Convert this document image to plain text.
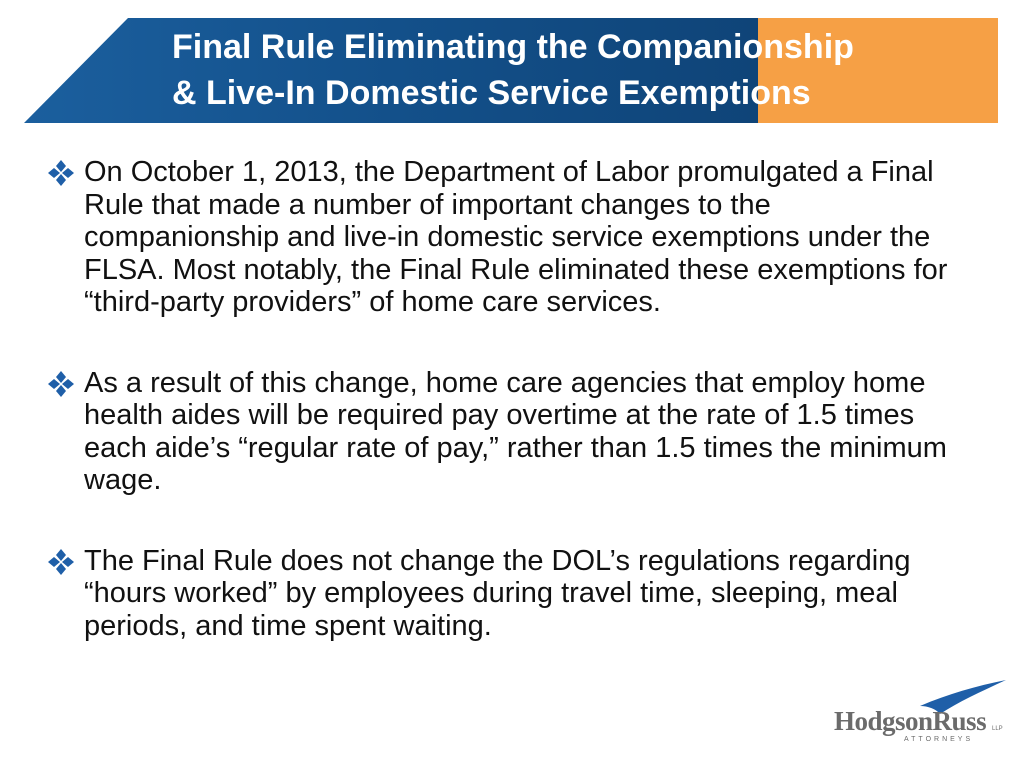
Final Rule Eliminating the Companionship
& Live-In Domestic Service Exemptions

On October 1, 2013, the Department of Labor promulgated a Final Rule that made a number of important changes to the companionship and live-in domestic service exemptions under the FLSA. Most notably, the Final Rule eliminated these exemptions for “third-party providers” of home care services.

As a result of this change, home care agencies that employ home health aides will be required pay overtime at the rate of 1.5 times each aide’s “regular rate of pay,” rather than 1.5 times the minimum wage.

The Final Rule does not change the DOL’s regulations regarding “hours worked” by employees during travel time, sleeping, meal periods, and time spent waiting.

HodgsonRuss LLP
ATTORNEYS
